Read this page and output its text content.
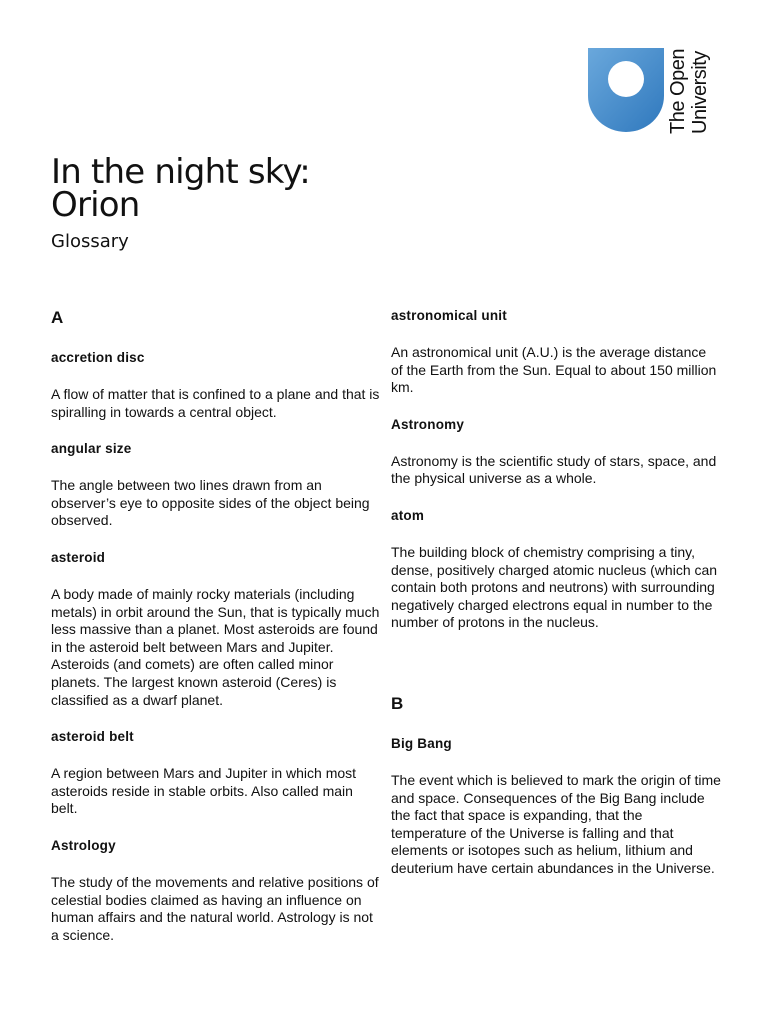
The Open University
In the night sky:
Orion
Glossary
A
accretion disc
A flow of matter that is confined to a plane and that is spiralling in towards a central object.
angular size
The angle between two lines drawn from an observer’s eye to opposite sides of the object being observed.
asteroid
A body made of mainly rocky materials (including metals) in orbit around the Sun, that is typically much less massive than a planet. Most asteroids are found in the asteroid belt between Mars and Jupiter. Asteroids (and comets) are often called minor planets. The largest known asteroid (Ceres) is classified as a dwarf planet.
asteroid belt
A region between Mars and Jupiter in which most asteroids reside in stable orbits. Also called main belt.
Astrology
The study of the movements and relative positions of celestial bodies claimed as having an influence on human affairs and the natural world. Astrology is not a science.
astronomical unit
An astronomical unit (A.U.) is the average distance of the Earth from the Sun. Equal to about 150 million km.
Astronomy
Astronomy is the scientific study of stars, space, and the physical universe as a whole.
atom
The building block of chemistry comprising a tiny, dense, positively charged atomic nucleus (which can contain both protons and neutrons) with surrounding negatively charged electrons equal in number to the number of protons in the nucleus.
B
Big Bang
The event which is believed to mark the origin of time and space. Consequences of the Big Bang include the fact that space is expanding, that the temperature of the Universe is falling and that elements or isotopes such as helium, lithium and deuterium have certain abundances in the Universe.
